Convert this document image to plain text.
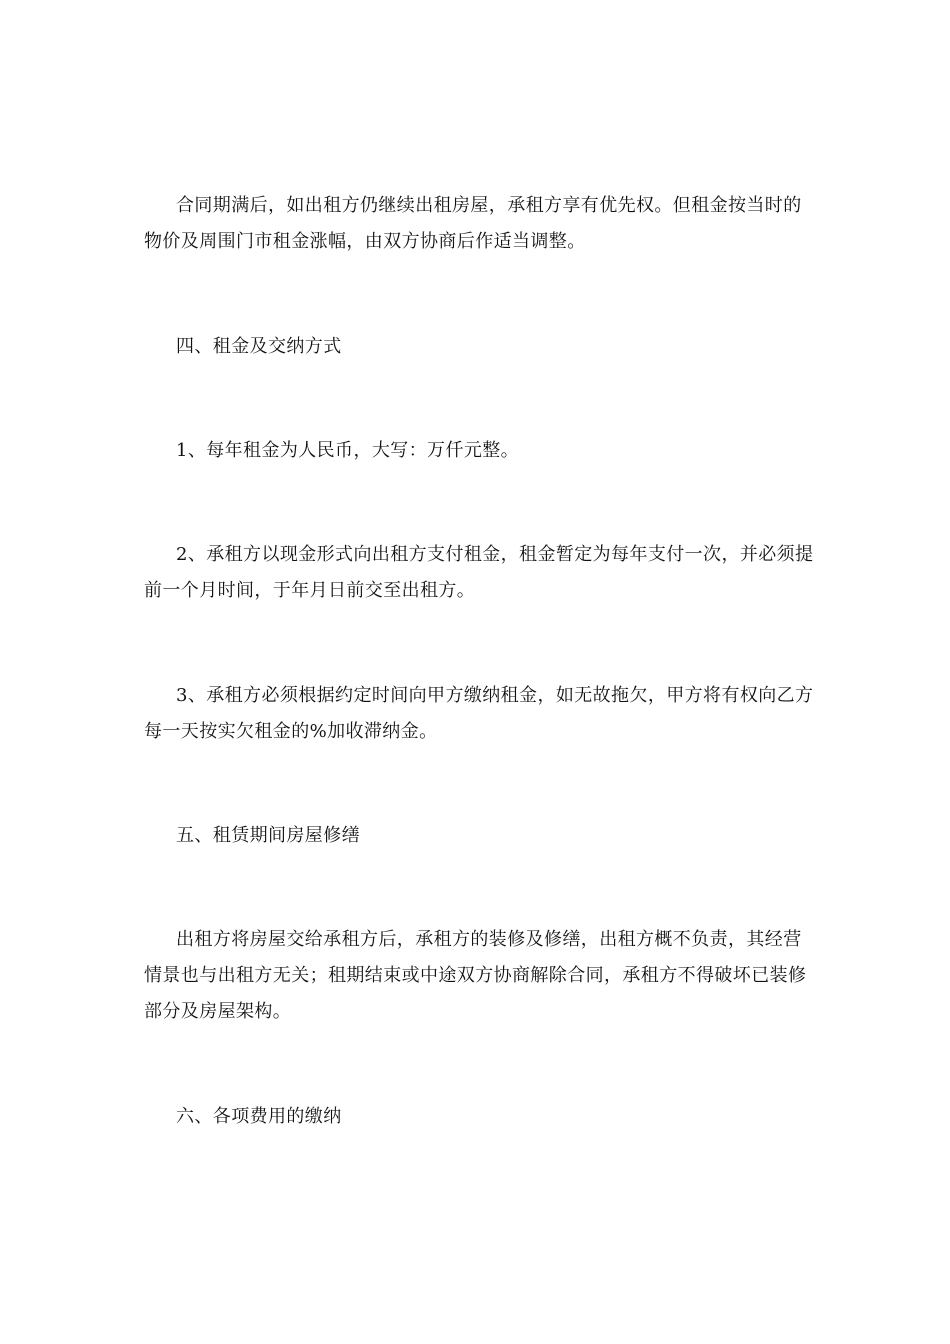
合同期满后，如出租方仍继续出租房屋，承租方享有优先权。但租金按当时的物价及周围门市租金涨幅，由双方协商后作适当调整。

四、租金及交纳方式

1、每年租金为人民币，大写：万仟元整。

2、承租方以现金形式向出租方支付租金，租金暂定为每年支付一次，并必须提前一个月时间，于年月日前交至出租方。

3、承租方必须根据约定时间向甲方缴纳租金，如无故拖欠，甲方将有权向乙方每一天按实欠租金的%加收滞纳金。

五、租赁期间房屋修缮

出租方将房屋交给承租方后，承租方的装修及修缮，出租方概不负责，其经营情景也与出租方无关；租期结束或中途双方协商解除合同，承租方不得破坏已装修部分及房屋架构。

六、各项费用的缴纳
